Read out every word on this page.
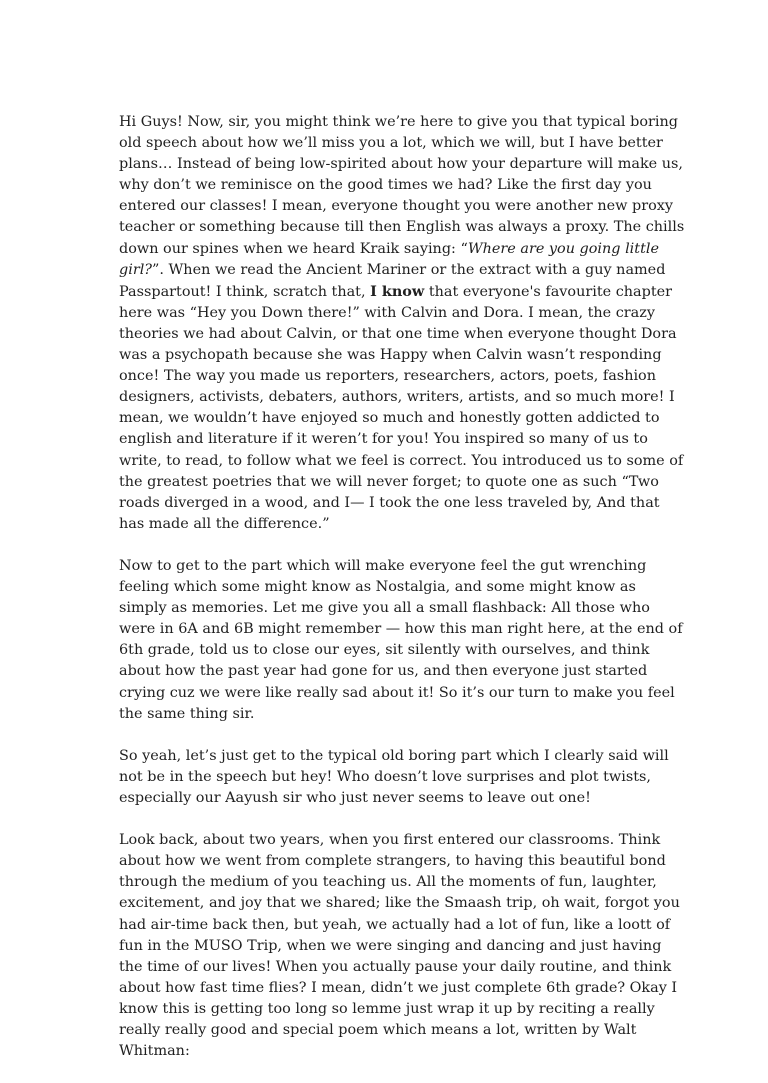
Hi Guys! Now, sir, you might think we’re here to give you that typical boring old speech about how we’ll miss you a lot, which we will, but I have better plans… Instead of being low-spirited about how your departure will make us, why don’t we reminisce on the good times we had? Like the first day you entered our classes! I mean, everyone thought you were another new proxy teacher or something because till then English was always a proxy. The chills down our spines when we heard Kraik saying: “Where are you going little girl?”. When we read the Ancient Mariner or the extract with a guy named Passpartout! I think, scratch that, I know that everyone's favourite chapter here was “Hey you Down there!” with Calvin and Dora. I mean, the crazy theories we had about Calvin, or that one time when everyone thought Dora was a psychopath because she was Happy when Calvin wasn’t responding once! The way you made us reporters, researchers, actors, poets, fashion designers, activists, debaters, authors, writers, artists, and so much more! I mean, we wouldn’t have enjoyed so much and honestly gotten addicted to english and literature if it weren’t for you! You inspired so many of us to write, to read, to follow what we feel is correct. You introduced us to some of the greatest poetries that we will never forget; to quote one as such “Two roads diverged in a wood, and I— I took the one less traveled by, And that has made all the difference.”

Now to get to the part which will make everyone feel the gut wrenching feeling which some might know as Nostalgia, and some might know as simply as memories. Let me give you all a small flashback: All those who were in 6A and 6B might remember — how this man right here, at the end of 6th grade, told us to close our eyes, sit silently with ourselves, and think about how the past year had gone for us, and then everyone just started crying cuz we were like really sad about it! So it’s our turn to make you feel the same thing sir.

So yeah, let’s just get to the typical old boring part which I clearly said will not be in the speech but hey! Who doesn’t love surprises and plot twists, especially our Aayush sir who just never seems to leave out one!

Look back, about two years, when you first entered our classrooms. Think about how we went from complete strangers, to having this beautiful bond through the medium of you teaching us. All the moments of fun, laughter, excitement, and joy that we shared; like the Smaash trip, oh wait, forgot you had air-time back then, but yeah, we actually had a lot of fun, like a loott of fun in the MUSO Trip, when we were singing and dancing and just having the time of our lives! When you actually pause your daily routine, and think about how fast time flies? I mean, didn’t we just complete 6th grade? Okay I know this is getting too long so lemme just wrap it up by reciting a really really really good and special poem which means a lot, written by Walt Whitman:
